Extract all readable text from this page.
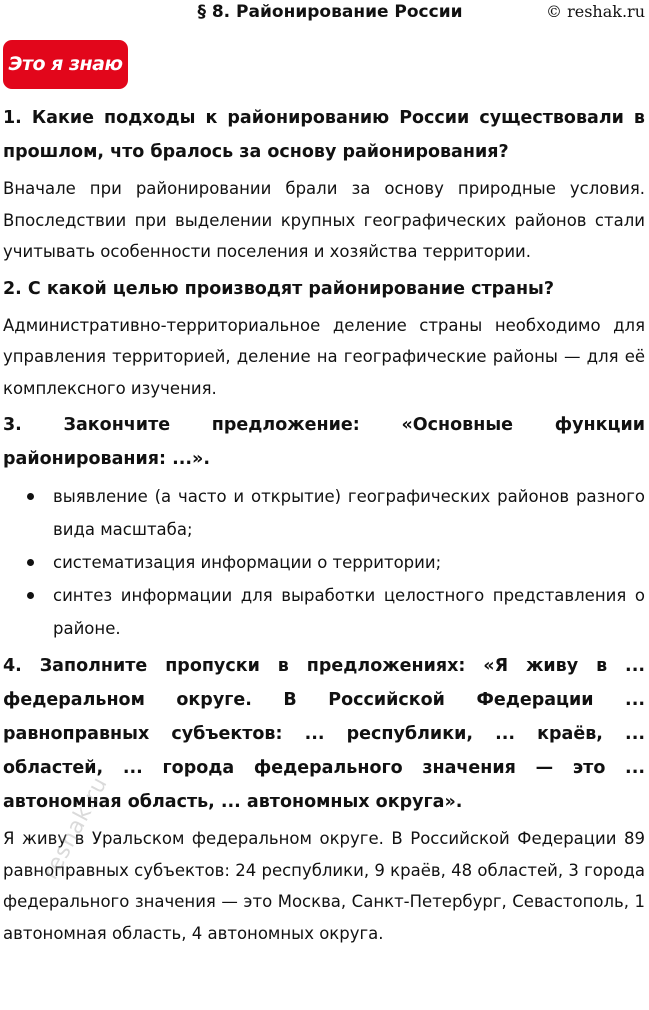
§ 8. Районирование России	© reshak.ru
Это я знаю

1. Какие подходы к районированию России существовали в прошлом, что бралось за основу районирования?

Вначале при районировании брали за основу природные условия. Впоследствии при выделении крупных географических районов стали учитывать особенности поселения и хозяйства территории.

2. С какой целью производят районирование страны?

Административно-территориальное деление страны необходимо для управления территорией, деление на географические районы — для её комплексного изучения.

3. Закончите предложение: «Основные функции районирования: ...».

выявление (а часто и открытие) географических районов разного вида масштаба;
систематизация информации о территории;
синтез информации для выработки целостного представления о районе.

4. Заполните пропуски в предложениях: «Я живу в ... федеральном округе. В Российской Федерации ... равноправных субъектов: ... республики, ... краёв, ... областей, ... города федерального значения — это ... автономная область, ... автономных округа».

Я живу в Уральском федеральном округе. В Российской Федерации 89 равноправных субъектов: 24 республики, 9 краёв, 48 областей, 3 города федерального значения — это Москва, Санкт-Петербург, Севастополь, 1 автономная область, 4 автономных округа.

reshak.ru
